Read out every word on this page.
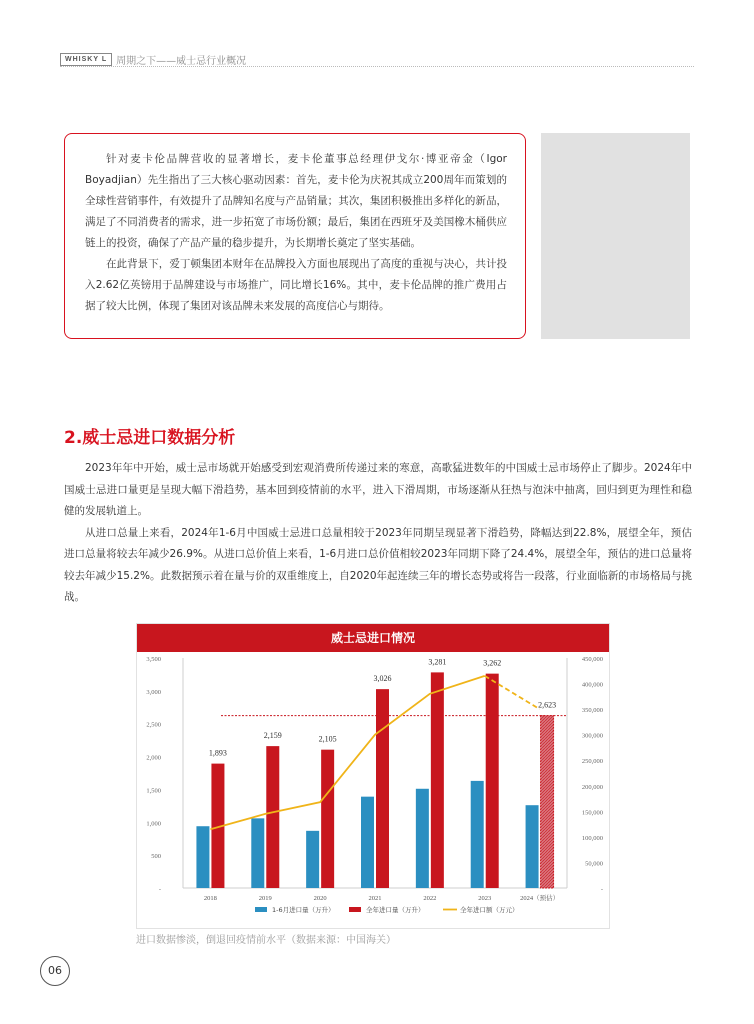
WHISKY L 周期之下——威士忌行业概况

针对麦卡伦品牌营收的显著增长，麦卡伦董事总经理伊戈尔·博亚帝金（Igor　Boyadjian）先生指出了三大核心驱动因素：首先，麦卡伦为庆祝其成立200周年而策划的全球性营销事件，有效提升了品牌知名度与产品销量；其次，集团积极推出多样化的新品，满足了不同消费者的需求，进一步拓宽了市场份额；最后，集团在西班牙及美国橡木桶供应链上的投资，确保了产品产量的稳步提升，为长期增长奠定了坚实基础。

在此背景下，爱丁顿集团本财年在品牌投入方面也展现出了高度的重视与决心，共计投入2.62亿英镑用于品牌建设与市场推广，同比增长16%。其中，麦卡伦品牌的推广费用占据了较大比例，体现了集团对该品牌未来发展的高度信心与期待。

2.威士忌进口数据分析

2023年年中开始，威士忌市场就开始感受到宏观消费所传递过来的寒意，高歌猛进数年的中国威士忌市场停止了脚步。2024年中国威士忌进口量更是呈现大幅下滑趋势，基本回到疫情前的水平，进入下滑周期，市场逐渐从狂热与泡沫中抽离，回归到更为理性和稳健的发展轨道上。

从进口总量上来看，2024年1-6月中国威士忌进口总量相较于2023年同期呈现显著下滑趋势，降幅达到22.8%，展望全年，预估进口总量将较去年减少26.9%。从进口总价值上来看，1-6月进口总价值相较2023年同期下降了24.4%，展望全年，预估的进口总量将较去年减少15.2%。此数据预示着在量与价的双重维度上，自2020年起连续三年的增长态势或将告一段落，行业面临新的市场格局与挑战。

威士忌进口情况
-
500
1,000
1,500
2,000
2,500
3,000
3,500
-
50,000
100,000
150,000
200,000
250,000
300,000
350,000
400,000
450,000
1,893
2018
2,159
2019
2,105
2020
3,026
2021
3,281
2022
3,262
2023
2,623
2024（预估）
1-6月进口量（万升）	全年进口量（万升）	全年进口额（万元）
进口数据惨淡，倒退回疫情前水平（数据来源：中国海关）
06
